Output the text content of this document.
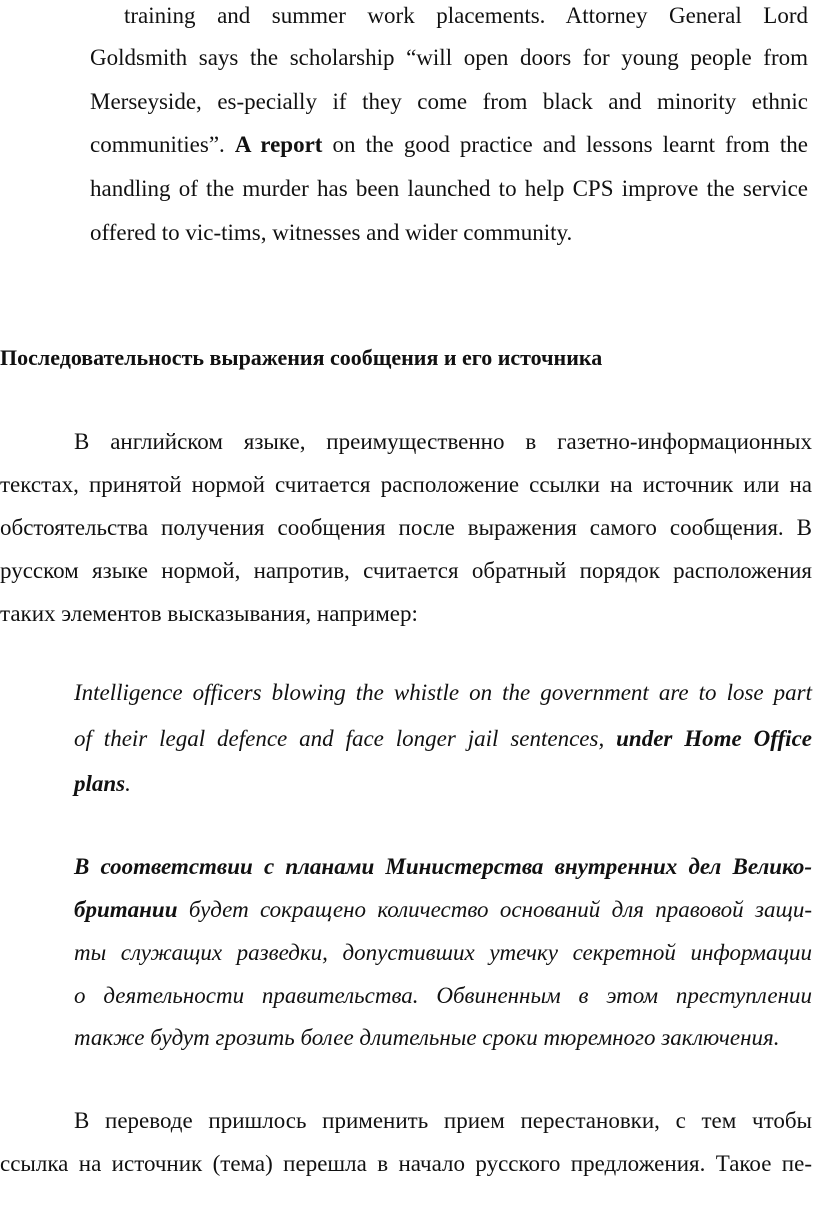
training and summer work placements. Attorney General Lord
Goldsmith says the scholarship “will open doors for young people from
Merseyside, es-pecially if they come from black and minority ethnic
communities”. A report on the good practice and lessons learnt from the
handling of the murder has been launched to help CPS improve the service
offered to vic-tims, witnesses and wider community.
Последовательность выражения сообщения и его источника
В английском языке, преимущественно в газетно-информационных
текстах, принятой нормой считается расположение ссылки на источник или на
обстоятельства получения сообщения после выражения самого сообщения. В
русском языке нормой, напротив, считается обратный порядок расположения
таких элементов высказывания, например:
Intelligence officers blowing the whistle on the government are to lose part
of their legal defence and face longer jail sentences, under Home Office
plans.
В соответствии с планами Министерства внутренних дел Велико-
британии будет сокращено количество оснований для правовой защи-
ты служащих разведки, допустивших утечку секретной информации
о деятельности правительства. Обвиненным в этом преступлении
также будут грозить более длительные сроки тюремного заключения.
В переводе пришлось применить прием перестановки, с тем чтобы
ссылка на источник (тема) перешла в начало русского предложения. Такое пе-
